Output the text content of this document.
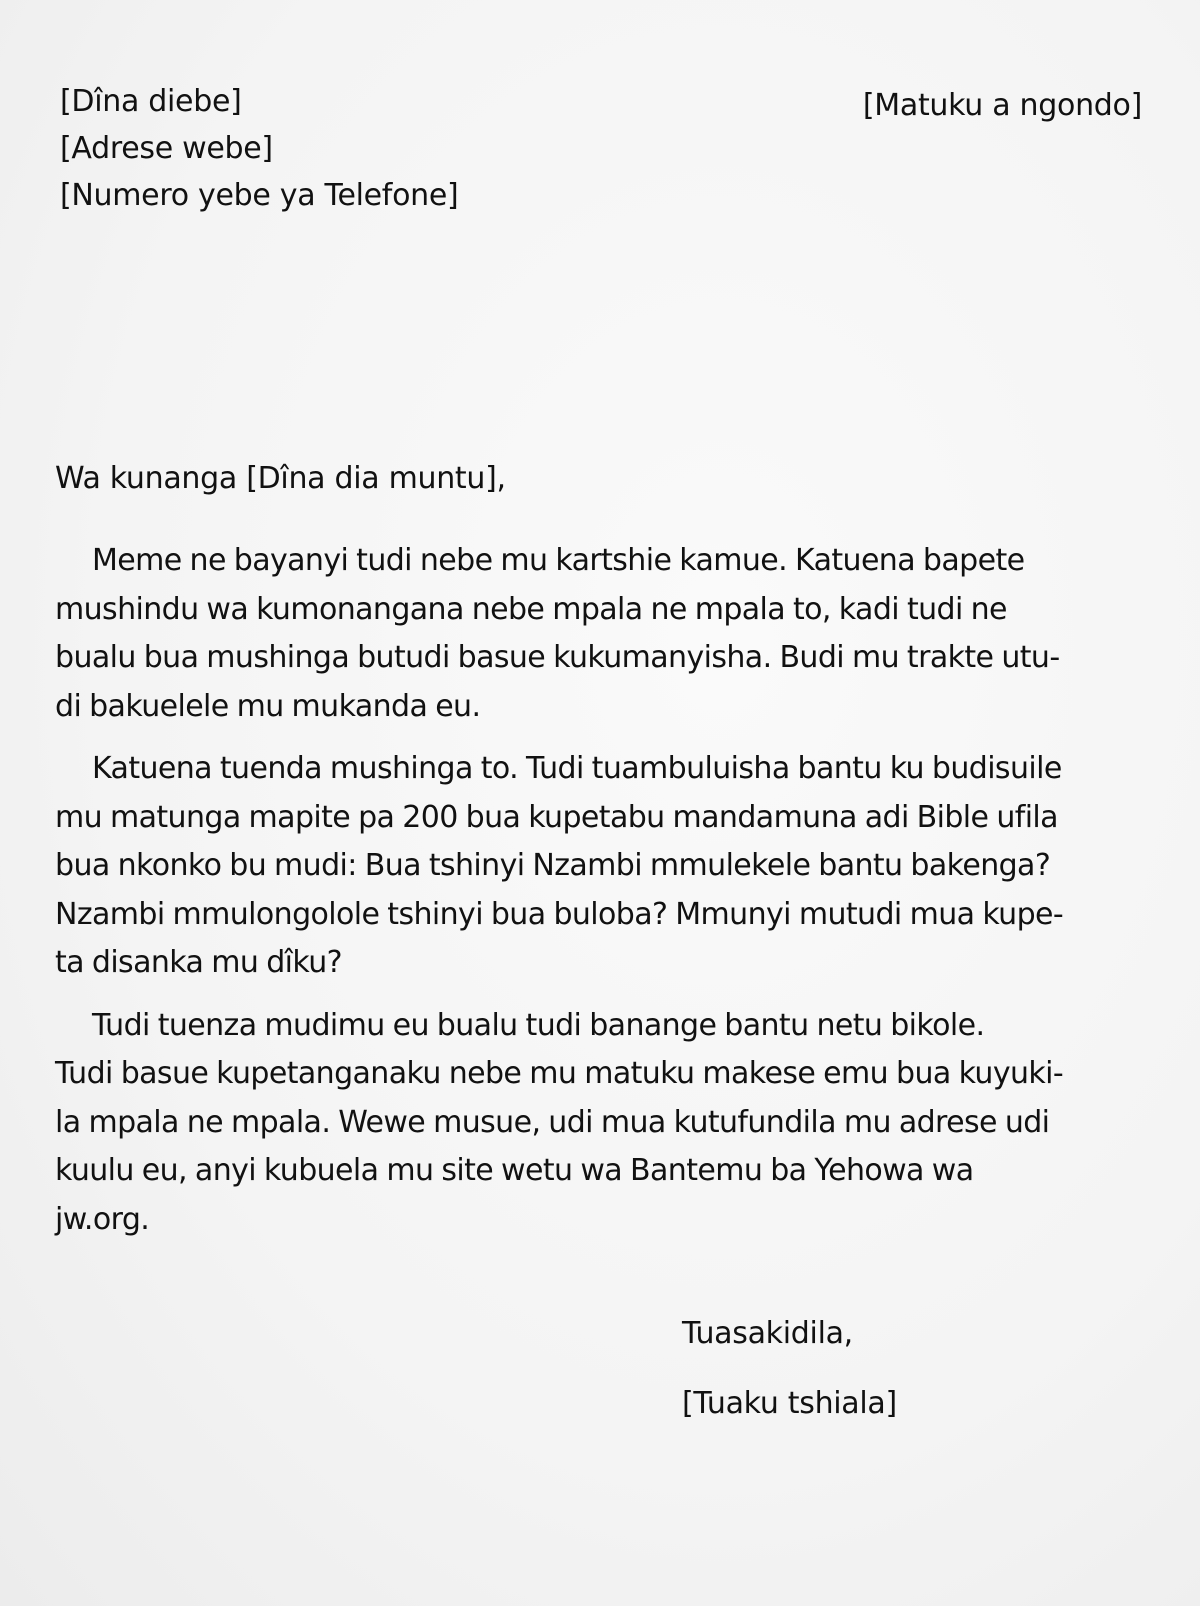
[Dîna diebe]
[Adrese webe]
[Numero yebe ya Telefone]
[Matuku a ngondo]
Wa kunanga [Dîna dia muntu],
Meme ne bayanyi tudi nebe mu kartshie kamue. Katuena bapete
mushindu wa kumonangana nebe mpala ne mpala to, kadi tudi ne
bualu bua mushinga butudi basue kukumanyisha. Budi mu trakte utu-
di bakuelele mu mukanda eu.
Katuena tuenda mushinga to. Tudi tuambuluisha bantu ku budisuile
mu matunga mapite pa 200 bua kupetabu mandamuna adi Bible ufila
bua nkonko bu mudi: Bua tshinyi Nzambi mmulekele bantu bakenga?
Nzambi mmulongolole tshinyi bua buloba? Mmunyi mutudi mua kupe-
ta disanka mu dîku?
Tudi tuenza mudimu eu bualu tudi banange bantu netu bikole.
Tudi basue kupetanganaku nebe mu matuku makese emu bua kuyuki-
la mpala ne mpala. Wewe musue, udi mua kutufundila mu adrese udi
kuulu eu, anyi kubuela mu site wetu wa Bantemu ba Yehowa wa
jw.org.
Tuasakidila,
[Tuaku tshiala]
